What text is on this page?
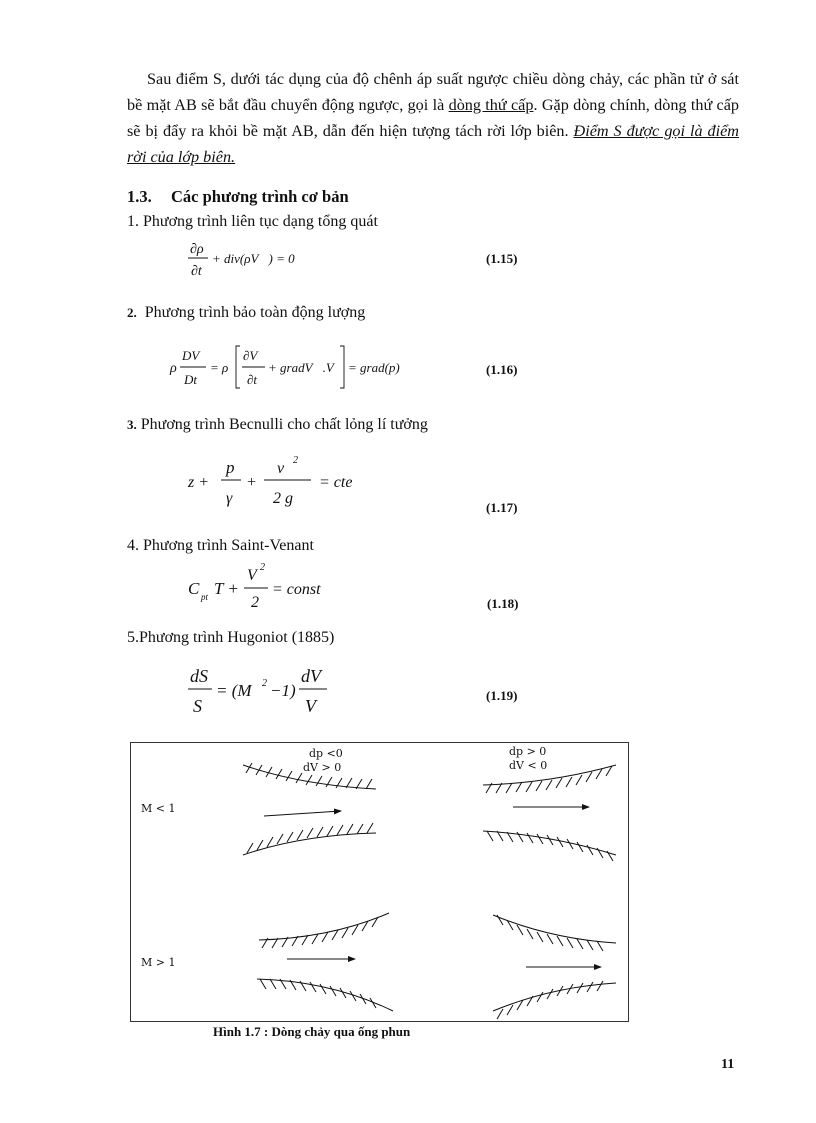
Sau điểm S, dưới tác dụng của độ chênh áp suất ngược chiều dòng chảy, các phần tử ở sát bề mặt AB sẽ bắt đầu chuyển động ngược, gọi là dòng thứ cấp. Gặp dòng chính, dòng thứ cấp sẽ bị đẩy ra khỏi bề mặt AB, dẫn đến hiện tượng tách rời lớp biên. Điểm S được gọi là điểm rời của lớp biên.

1.3. Các phương trình cơ bản

1. Phương trình liên tục dạng tổng quát

∂ρ
∂t
+ div(ρV⃗) = 0	(1.15)

2. Phương trình bảo toàn động lượng

ρ
DV⃗
Dt
= ρ
∂V⃗
∂t
+ gradV⃗.V⃗ = grad(p)	(1.16)

3. Phương trình Becnulli cho chất lỏng lí tưởng

z +
p
γ
+
v 2
2 g
= cte
(1.17)

4. Phương trình Saint-Venant

C pt T +
V 2
2
= const
(1.18)

5.Phương trình Hugoniot (1885)

dS
S
= (M 2 −1)
dV
V
(1.19)
dp <0
dV > 0
dp > 0
dV < 0
M < 1
M > 1
Hình 1.7 : Dòng chảy qua ống phun
11
